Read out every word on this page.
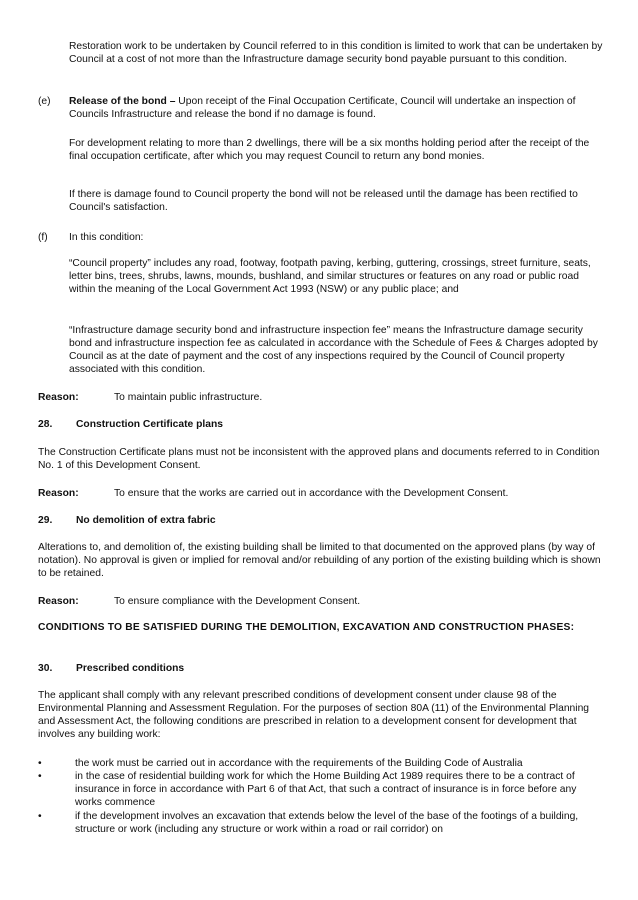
Restoration work to be undertaken by Council referred to in this condition is limited to work that can be undertaken by Council at a cost of not more than the Infrastructure damage security bond payable pursuant to this condition.

(e) Release of the bond – Upon receipt of the Final Occupation Certificate, Council will undertake an inspection of Councils Infrastructure and release the bond if no damage is found.

For development relating to more than 2 dwellings, there will be a six months holding period after the receipt of the final occupation certificate, after which you may request Council to return any bond monies.

If there is damage found to Council property the bond will not be released until the damage has been rectified to Council's satisfaction.

(f) In this condition:

“Council property” includes any road, footway, footpath paving, kerbing, guttering, crossings, street furniture, seats, letter bins, trees, shrubs, lawns, mounds, bushland, and similar structures or features on any road or public road within the meaning of the Local Government Act 1993 (NSW) or any public place; and

“Infrastructure damage security bond and infrastructure inspection fee” means the Infrastructure damage security bond and infrastructure inspection fee as calculated in accordance with the Schedule of Fees & Charges adopted by Council as at the date of payment and the cost of any inspections required by the Council of Council property associated with this condition.

Reason:	To maintain public infrastructure.
28. Construction Certificate plans

The Construction Certificate plans must not be inconsistent with the approved plans and documents referred to in Condition No. 1 of this Development Consent.

Reason:	To ensure that the works are carried out in accordance with the Development Consent.
29. No demolition of extra fabric

Alterations to, and demolition of, the existing building shall be limited to that documented on the approved plans (by way of notation). No approval is given or implied for removal and/or rebuilding of any portion of the existing building which is shown to be retained.

Reason:	To ensure compliance with the Development Consent.

CONDITIONS TO BE SATISFIED DURING THE DEMOLITION, EXCAVATION AND CONSTRUCTION PHASES:

30. Prescribed conditions

The applicant shall comply with any relevant prescribed conditions of development consent under clause 98 of the Environmental Planning and Assessment Regulation. For the purposes of section 80A (11) of the Environmental Planning and Assessment Act, the following conditions are prescribed in relation to a development consent for development that involves any building work:

•	the work must be carried out in accordance with the requirements of the Building Code of Australia
•	in the case of residential building work for which the Home Building Act 1989 requires there to be a contract of insurance in force in accordance with Part 6 of that Act, that such a contract of insurance is in force before any works commence
•	if the development involves an excavation that extends below the level of the base of the footings of a building, structure or work (including any structure or work within a road or rail corridor) on
